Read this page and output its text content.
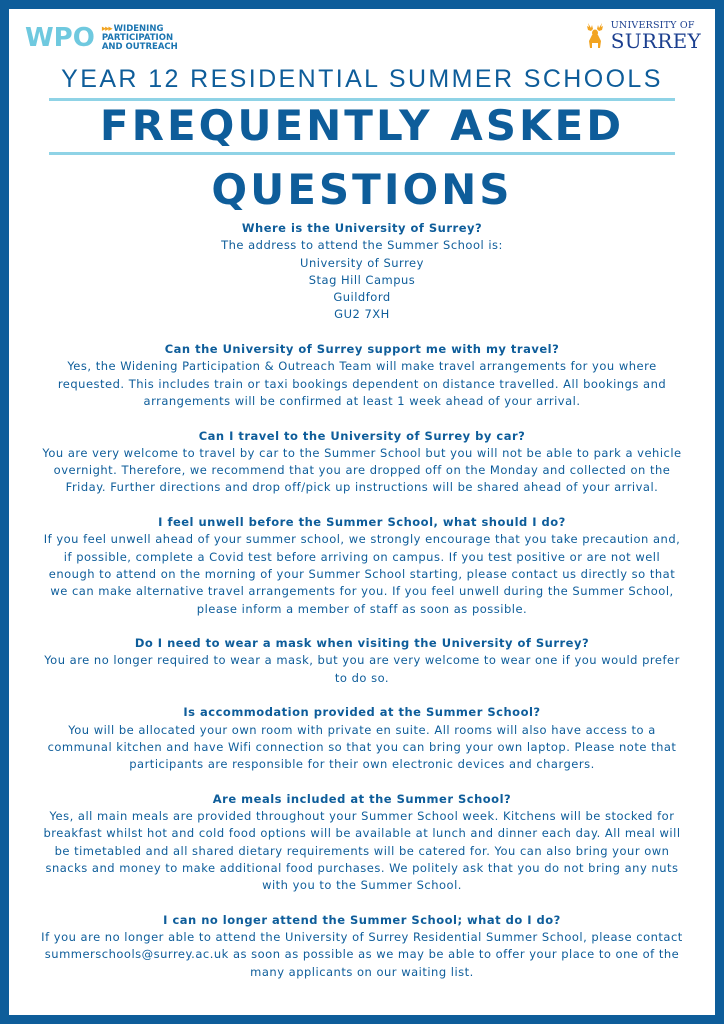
WPO ▸▸▸ WIDENING
PARTICIPATION
AND OUTREACH
UNIVERSITY OF
SURREY
YEAR 12 RESIDENTIAL SUMMER SCHOOLS
FREQUENTLY ASKED
QUESTIONS
Where is the University of Surrey?

The address to attend the Summer School is:

University of Surrey

Stag Hill Campus

Guildford

GU2 7XH

Can the University of Surrey support me with my travel?

Yes, the Widening Participation & Outreach Team will make travel arrangements for you where requested. This includes train or taxi bookings dependent on distance travelled. All bookings and arrangements will be confirmed at least 1 week ahead of your arrival.

Can I travel to the University of Surrey by car?

You are very welcome to travel by car to the Summer School but you will not be able to park a vehicle overnight. Therefore, we recommend that you are dropped off on the Monday and collected on the Friday. Further directions and drop off/pick up instructions will be shared ahead of your arrival.

I feel unwell before the Summer School, what should I do?

If you feel unwell ahead of your summer school, we strongly encourage that you take precaution and, if possible, complete a Covid test before arriving on campus. If you test positive or are not well enough to attend on the morning of your Summer School starting, please contact us directly so that we can make alternative travel arrangements for you. If you feel unwell during the Summer School, please inform a member of staff as soon as possible.

Do I need to wear a mask when visiting the University of Surrey?

You are no longer required to wear a mask, but you are very welcome to wear one if you would prefer to do so.

Is accommodation provided at the Summer School?

You will be allocated your own room with private en suite. All rooms will also have access to a communal kitchen and have Wifi connection so that you can bring your own laptop. Please note that participants are responsible for their own electronic devices and chargers.

Are meals included at the Summer School?

Yes, all main meals are provided throughout your Summer School week. Kitchens will be stocked for breakfast whilst hot and cold food options will be available at lunch and dinner each day. All meal will be timetabled and all shared dietary requirements will be catered for. You can also bring your own snacks and money to make additional food purchases. We politely ask that you do not bring any nuts with you to the Summer School.

I can no longer attend the Summer School; what do I do?

If you are no longer able to attend the University of Surrey Residential Summer School, please contact summerschools@surrey.ac.uk as soon as possible as we may be able to offer your place to one of the many applicants on our waiting list.
